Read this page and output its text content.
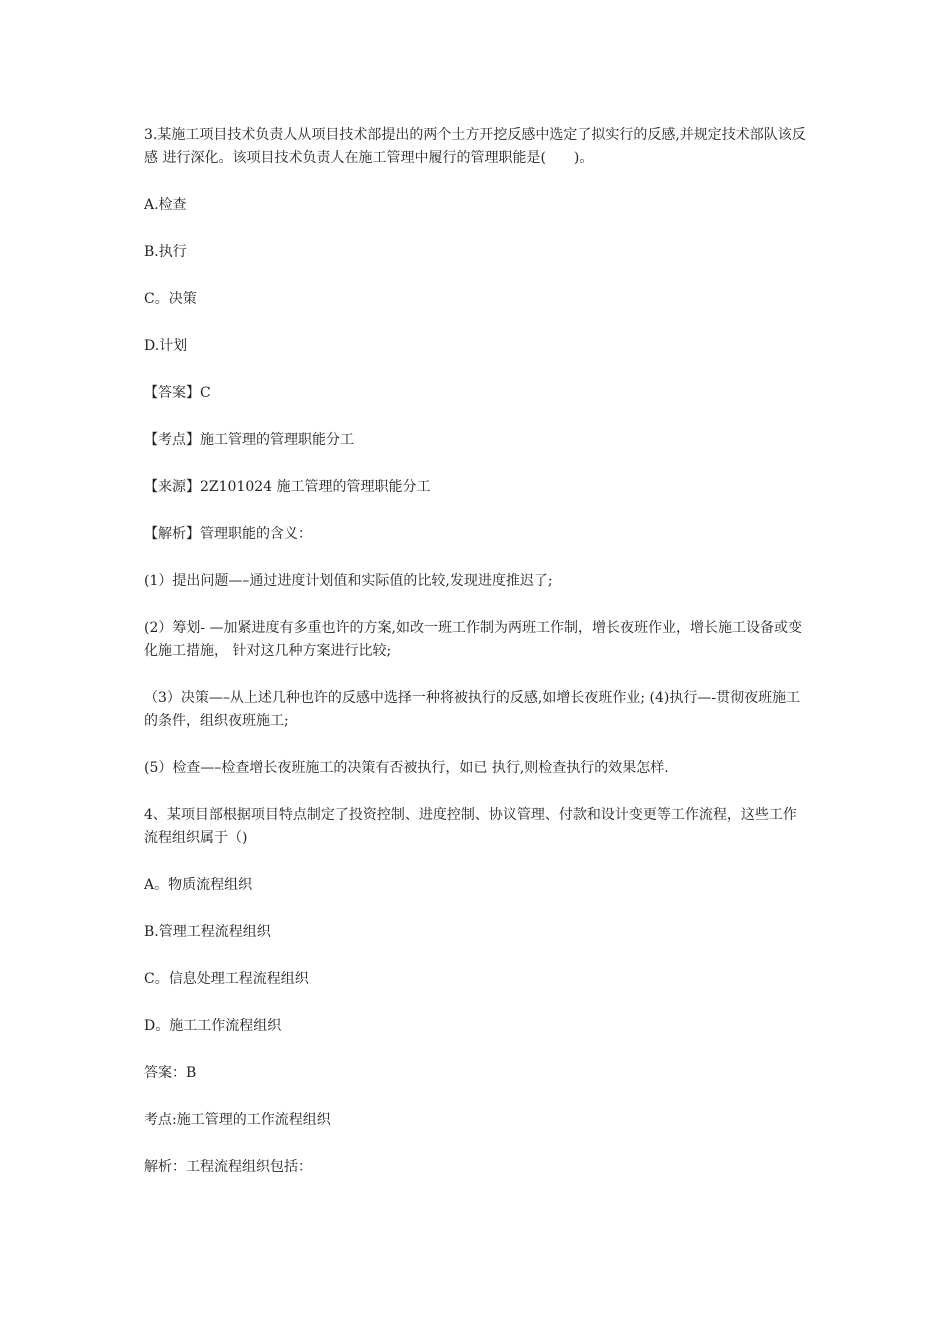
3.某施工项目技术负责人从项目技术部提出的两个土方开挖反感中选定了拟实行的反感,并规定技术部队该反感 进行深化。该项目技术负责人在施工管理中履行的管理职能是(　　)。

A.检查

B.执行

C。决策

D.计划

【答案】C

【考点】施工管理的管理职能分工

【来源】2Z101024 施工管理的管理职能分工

【解析】管理职能的含义：

(1）提出问题—–通过进度计划值和实际值的比较,发现进度推迟了;

(2）筹划- —加紧进度有多重也许的方案,如改一班工作制为两班工作制，增长夜班作业，增长施工设备或变化施工措施， 针对这几种方案进行比较;

（3）决策—–从上述几种也许的反感中选择一种将被执行的反感,如增长夜班作业; (4)执行—-贯彻夜班施工的条件，组织夜班施工;

(5）检查—–检查增长夜班施工的决策有否被执行，如已 执行,则检查执行的效果怎样.

4、某项目部根据项目特点制定了投资控制、进度控制、协议管理、付款和设计变更等工作流程，这些工作流程组织属于（)

A。物质流程组织

B.管理工程流程组织

C。信息处理工程流程组织

D。施工工作流程组织

答案：B

考点:施工管理的工作流程组织

解析：工程流程组织包括：
